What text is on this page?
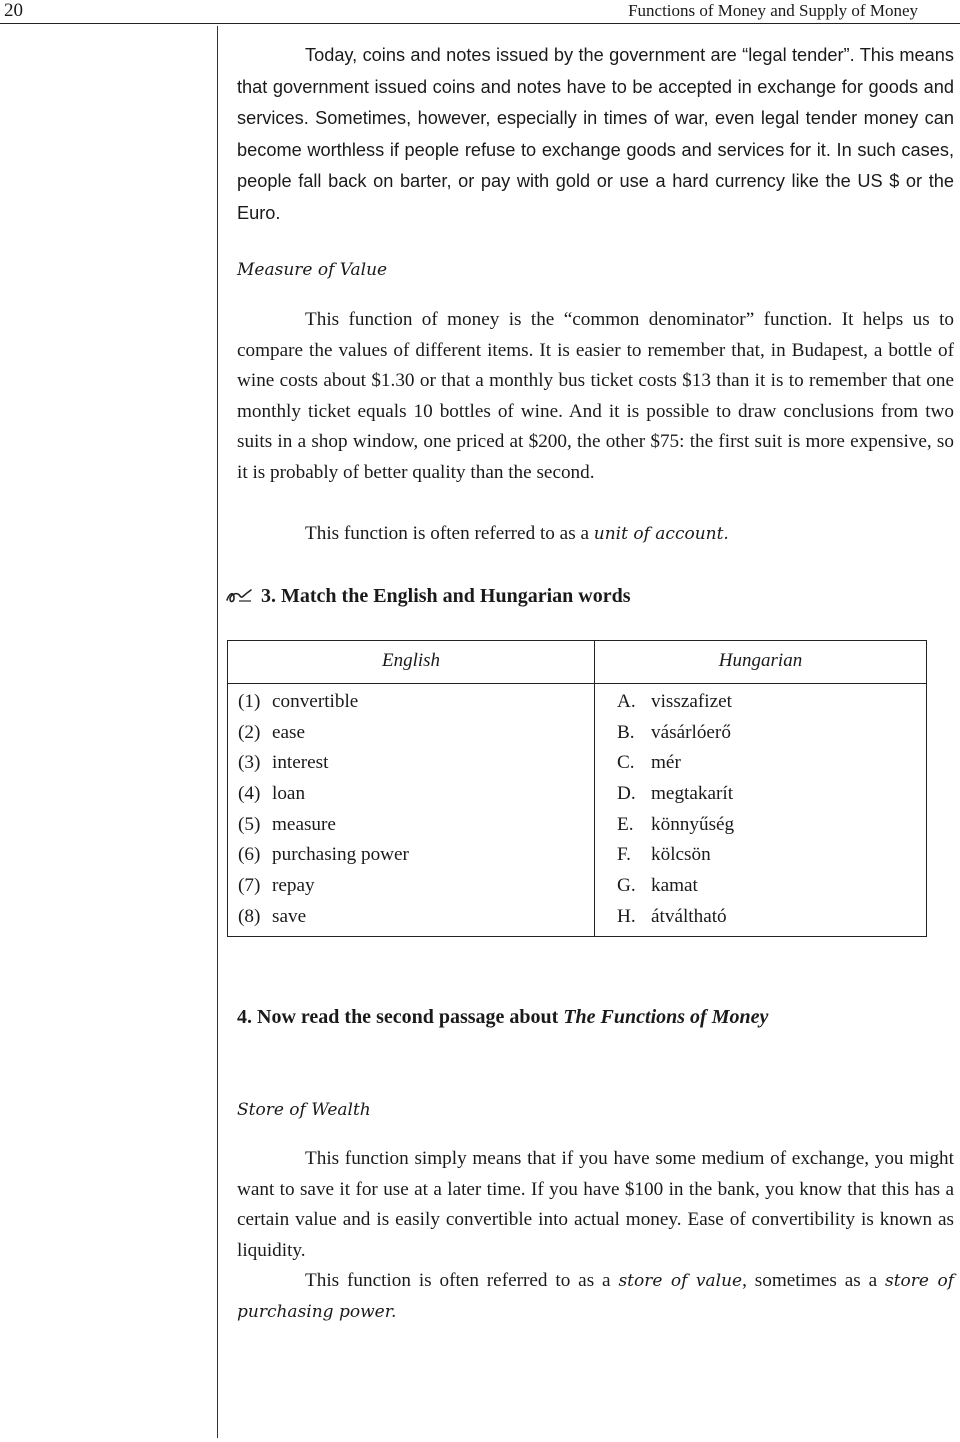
20	Functions of Money and Supply of Money

Today, coins and notes issued by the government are “legal tender”. This means that government issued coins and notes have to be accepted in exchange for goods and services. Sometimes, however, especially in times of war, even legal tender money can become worthless if people refuse to exchange goods and services for it. In such cases, people fall back on barter, or pay with gold or use a hard currency like the US $ or the Euro.

Measure of Value

This function of money is the “common denominator” function. It helps us to compare the values of different items. It is easier to remember that, in Budapest, a bottle of wine costs about $1.30 or that a monthly bus ticket costs $13 than it is to remember that one monthly ticket equals 10 bottles of wine. And it is possible to draw conclusions from two suits in a shop window, one priced at $200, the other $75: the first suit is more expensive, so it is probably of better quality than the second.

This function is often referred to as a unit of account.

3. Match the English and Hungarian words
English
(1) convertible
(2) ease
(3) interest
(4) loan
(5) measure
(6) purchasing power
(7) repay
(8) save
Hungarian
A. visszafizet
B. vásárlóerő
C. mér
D. megtakarít
E. könnyűség
F. kölcsön
G. kamat
H. átváltható
4. Now read the second passage about The Functions of Money
Store of Wealth

This function simply means that if you have some medium of exchange, you might want to save it for use at a later time. If you have $100 in the bank, you know that this has a certain value and is easily convertible into actual money. Ease of convertibility is known as liquidity.

This function is often referred to as a store of value, sometimes as a store of purchasing power.
